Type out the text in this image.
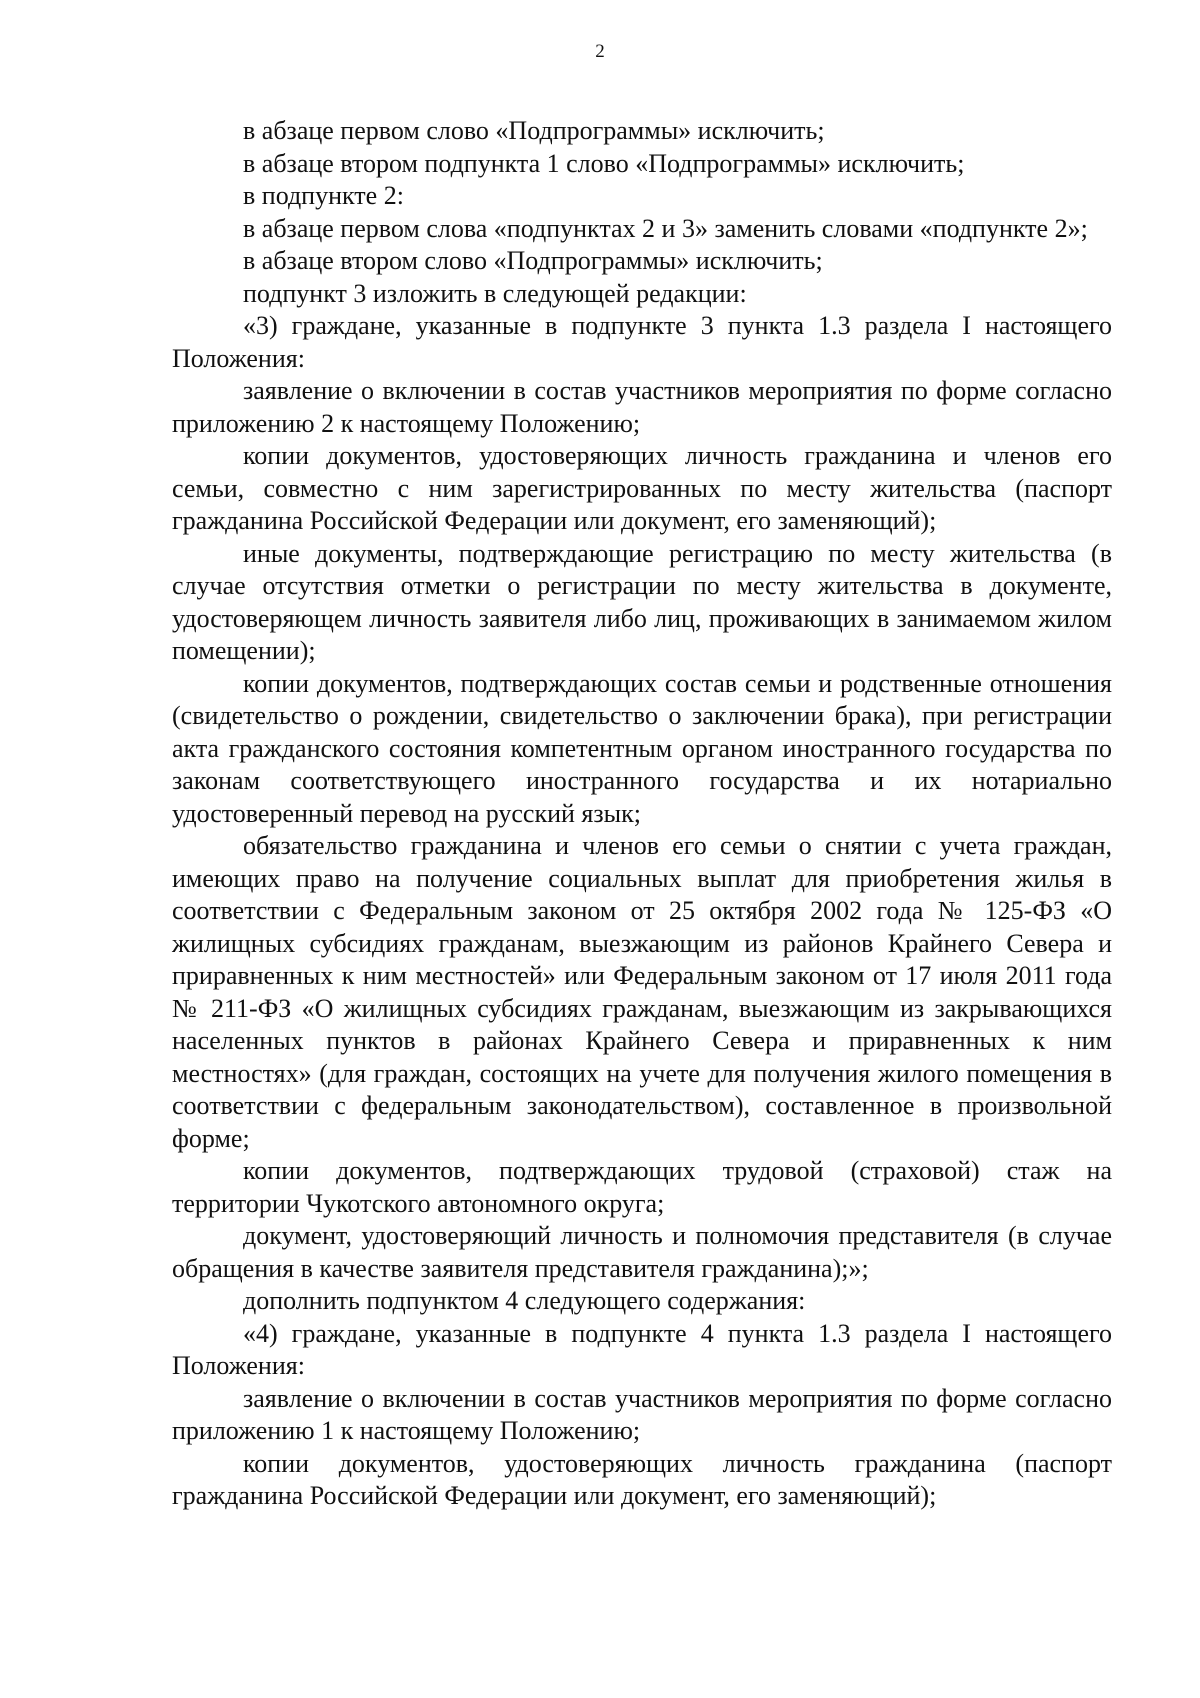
2

в абзаце первом слово «Подпрограммы» исключить;

в абзаце втором подпункта 1 слово «Подпрограммы» исключить;

в подпункте 2:

в абзаце первом слова «подпунктах 2 и 3» заменить словами «подпункте 2»;

в абзаце втором слово «Подпрограммы» исключить;

подпункт 3 изложить в следующей редакции:

«3) граждане, указанные в подпункте 3 пункта 1.3 раздела I настоящего Положения:

заявление о включении в состав участников мероприятия по форме согласно приложению 2 к настоящему Положению;

копии документов, удостоверяющих личность гражданина и членов его семьи, совместно с ним зарегистрированных по месту жительства (паспорт гражданина Российской Федерации или документ, его заменяющий);

иные документы, подтверждающие регистрацию по месту жительства (в случае отсутствия отметки о регистрации по месту жительства в документе, удостоверяющем личность заявителя либо лиц, проживающих в занимаемом жилом помещении);

копии документов, подтверждающих состав семьи и родственные отношения (свидетельство о рождении, свидетельство о заключении брака), при регистрации акта гражданского состояния компетентным органом иностранного государства по законам соответствующего иностранного государства и их нотариально удостоверенный перевод на русский язык;

обязательство гражданина и членов его семьи о снятии с учета граждан, имеющих право на получение социальных выплат для приобретения жилья в соответствии с Федеральным законом от 25 октября 2002 года № 125-ФЗ «О жилищных субсидиях гражданам, выезжающим из районов Крайнего Севера и приравненных к ним местностей» или Федеральным законом от 17 июля 2011 года № 211-ФЗ «О жилищных субсидиях гражданам, выезжающим из закрывающихся населенных пунктов в районах Крайнего Севера и приравненных к ним местностях» (для граждан, состоящих на учете для получения жилого помещения в соответствии с федеральным законодательством), составленное в произвольной форме;

копии документов, подтверждающих трудовой (страховой) стаж на территории Чукотского автономного округа;

документ, удостоверяющий личность и полномочия представителя (в случае обращения в качестве заявителя представителя гражданина);»;

дополнить подпунктом 4 следующего содержания:

«4) граждане, указанные в подпункте 4 пункта 1.3 раздела I настоящего Положения:

заявление о включении в состав участников мероприятия по форме согласно приложению 1 к настоящему Положению;

копии документов, удостоверяющих личность гражданина (паспорт гражданина Российской Федерации или документ, его заменяющий);
